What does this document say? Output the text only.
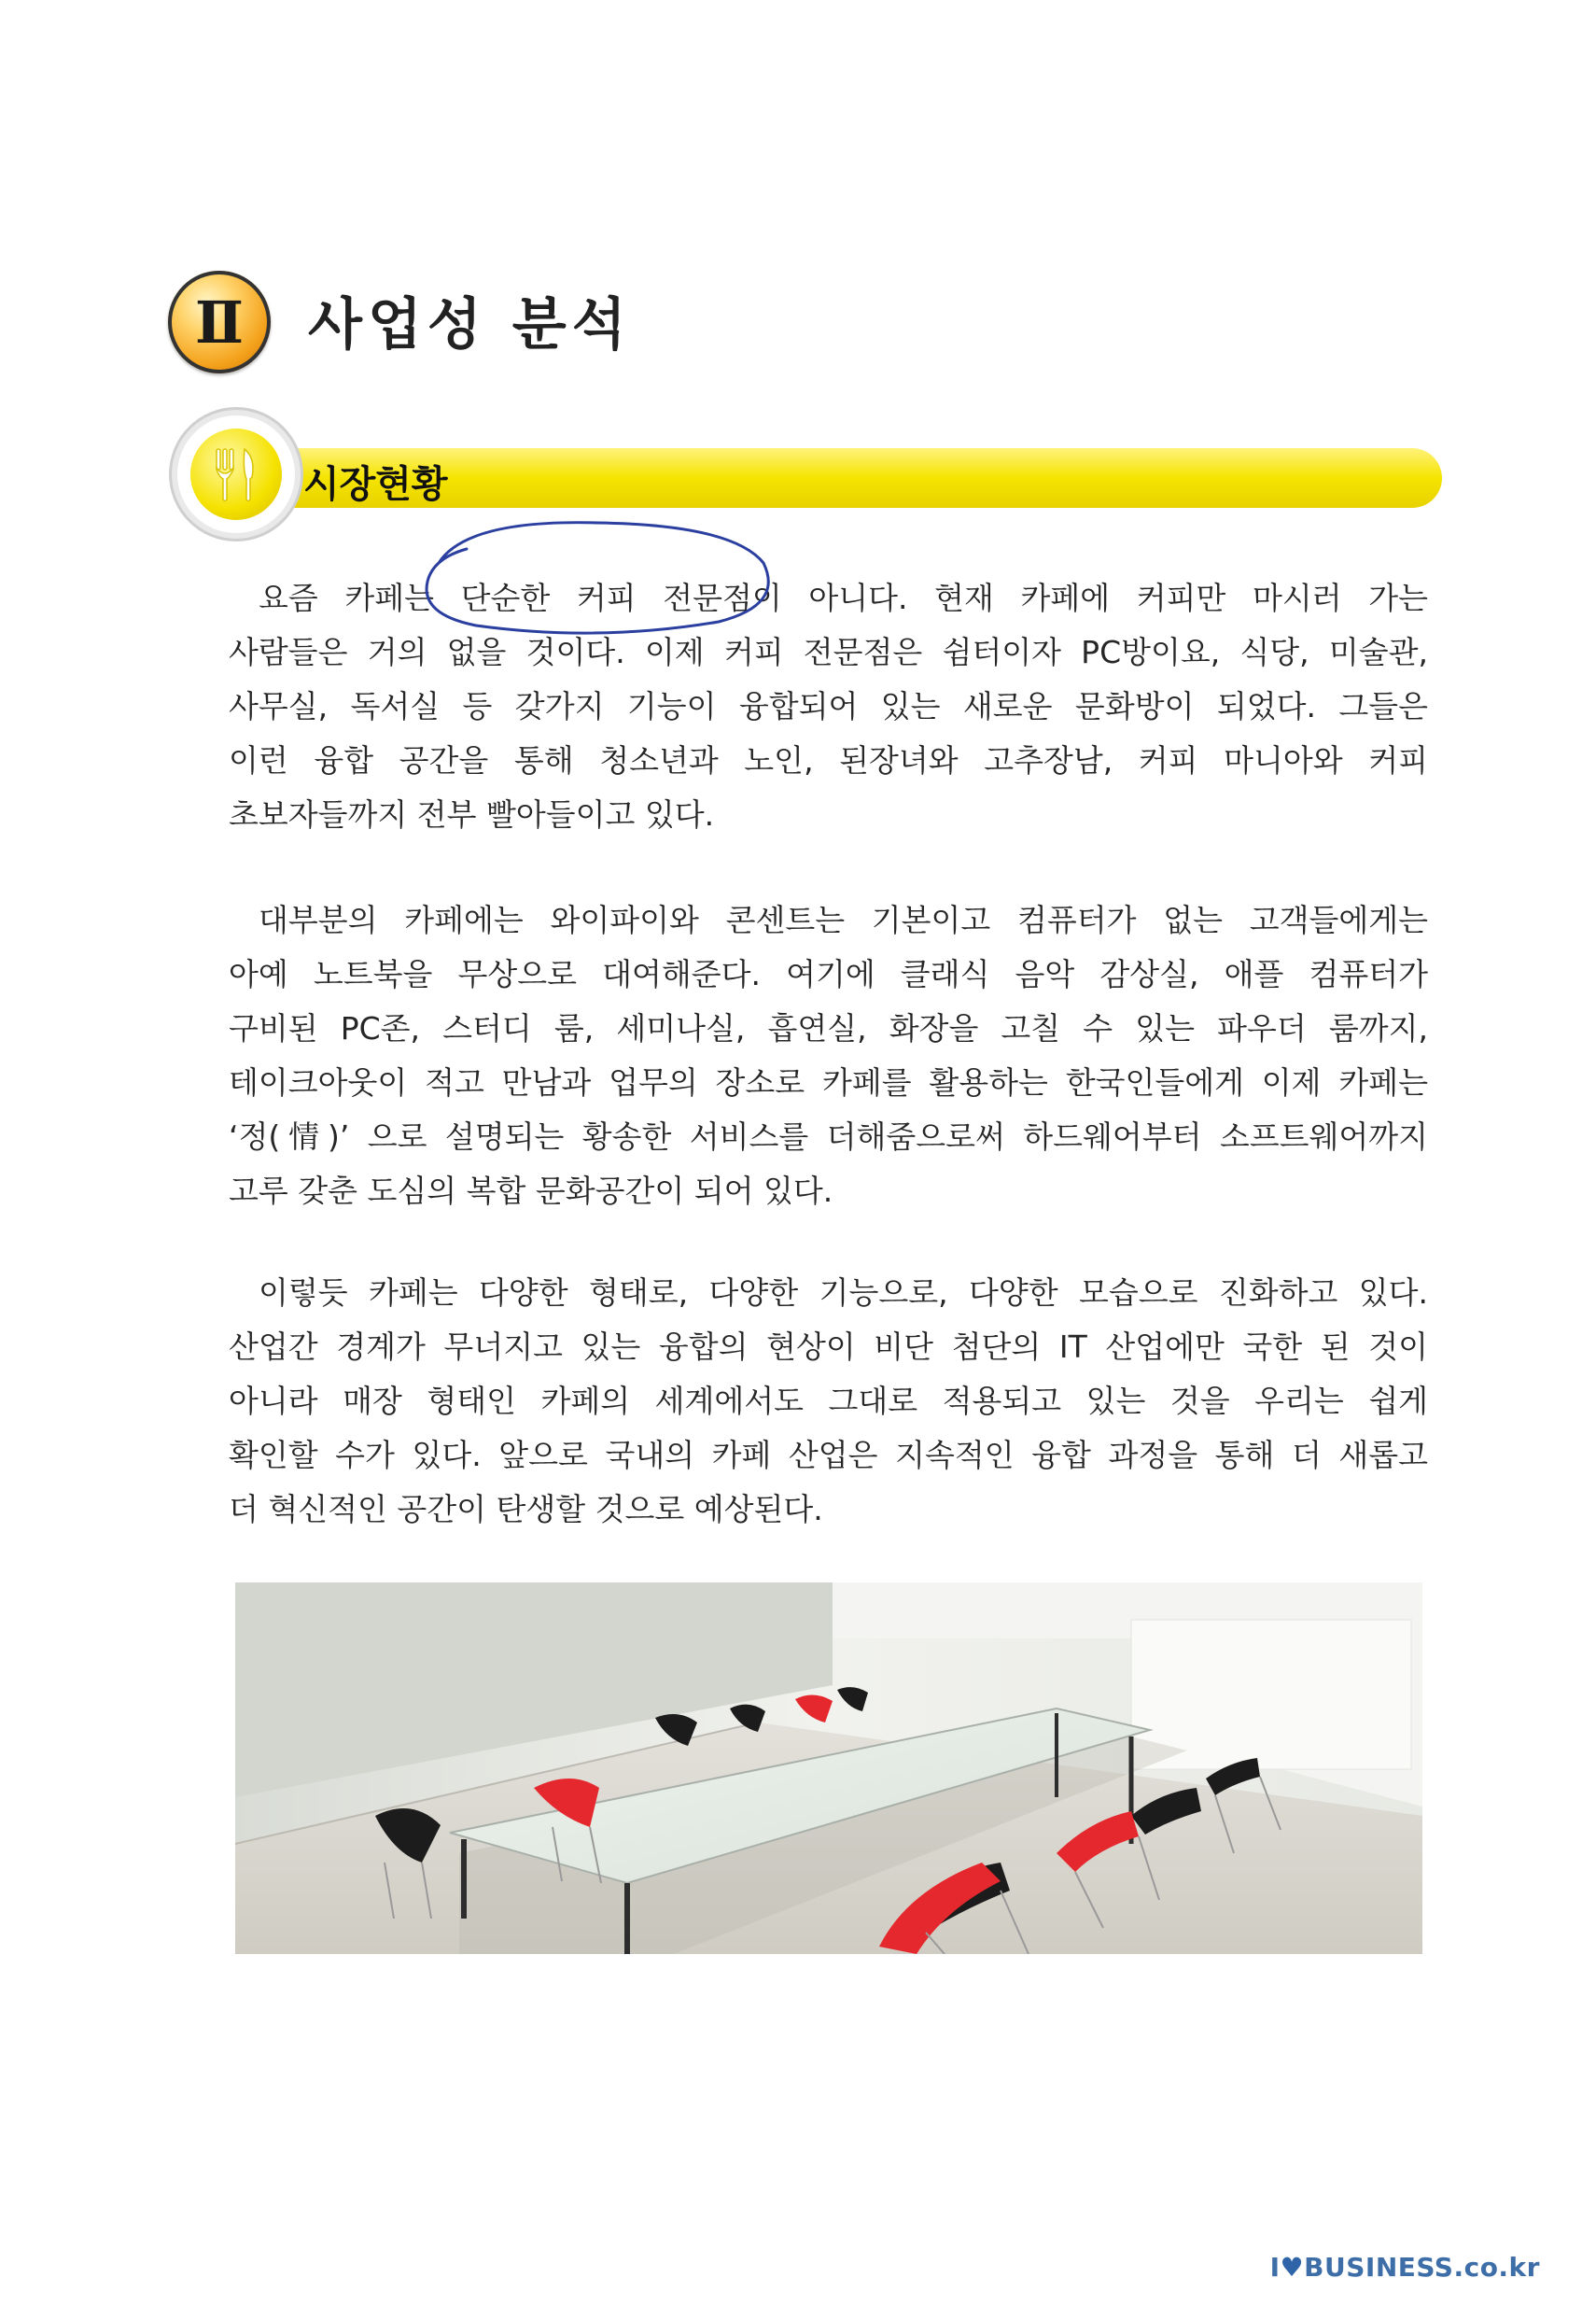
Ⅱ 사업성 분석
시장현황
요즘 카페는 단순한 커피 전문점이 아니다. 현재 카페에 커피만 마시러 가는
사람들은 거의 없을 것이다. 이제 커피 전문점은 쉼터이자 PC방이요, 식당, 미술관,
사무실, 독서실 등 갖가지 기능이 융합되어 있는 새로운 문화방이 되었다. 그들은
이런 융합 공간을 통해 청소년과 노인, 된장녀와 고추장남, 커피 마니아와 커피
초보자들까지 전부 빨아들이고 있다.
대부분의 카페에는 와이파이와 콘센트는 기본이고 컴퓨터가 없는 고객들에게는
아예 노트북을 무상으로 대여해준다. 여기에 클래식 음악 감상실, 애플 컴퓨터가
구비된 PC존, 스터디 룸, 세미나실, 흡연실, 화장을 고칠 수 있는 파우더 룸까지,
테이크아웃이 적고 만남과 업무의 장소로 카페를 활용하는 한국인들에게 이제 카페는
‘정(情)’ 으로 설명되는 황송한 서비스를 더해줌으로써 하드웨어부터 소프트웨어까지
고루 갖춘 도심의 복합 문화공간이 되어 있다.
이렇듯 카페는 다양한 형태로, 다양한 기능으로, 다양한 모습으로 진화하고 있다.
산업간 경계가 무너지고 있는 융합의 현상이 비단 첨단의 IT 산업에만 국한 된 것이
아니라 매장 형태인 카페의 세계에서도 그대로 적용되고 있는 것을 우리는 쉽게
확인할 수가 있다. 앞으로 국내의 카페 산업은 지속적인 융합 과정을 통해 더 새롭고
더 혁신적인 공간이 탄생할 것으로 예상된다.
I♥BUSINESS.co.kr
